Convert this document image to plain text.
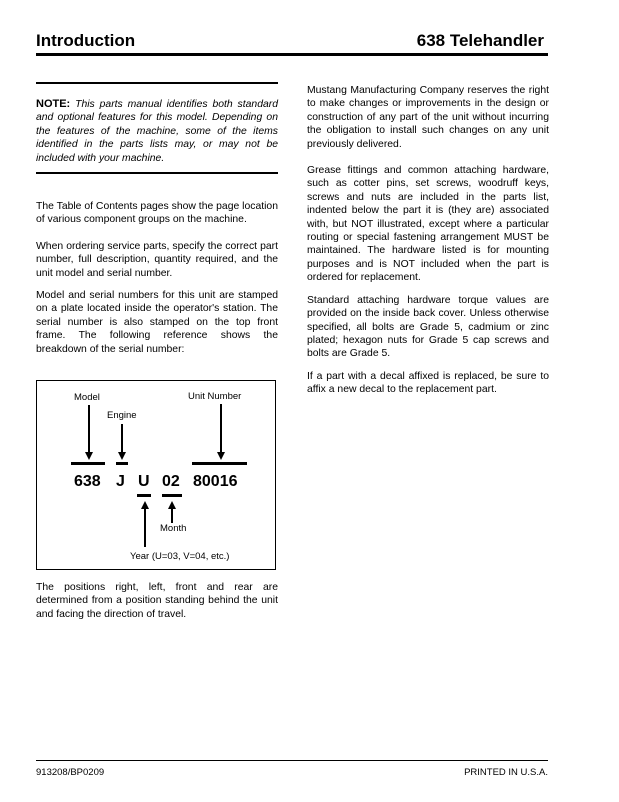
Introduction	638 Telehandler
NOTE: This parts manual identifies both standard and optional features for this model. Depending on the features of the machine, some of the items identified in the parts lists may, or may not be included with your machine.

The Table of Contents pages show the page location of various component groups on the machine.

When ordering service parts, specify the correct part number, full description, quantity required, and the unit model and serial number.

Model and serial numbers for this unit are stamped on a plate located inside the operator's station. The serial number is also stamped on the top front frame. The following reference shows the breakdown of the serial number:

Model
Engine
Unit Number
638 J U 02 80016
Month
Year (U=03, V=04, etc.)

The positions right, left, front and rear are determined from a position standing behind the unit and facing the direction of travel.

Mustang Manufacturing Company reserves the right to make changes or improvements in the design or construction of any part of the unit without incurring the obligation to install such changes on any unit previously delivered.

Grease fittings and common attaching hardware, such as cotter pins, set screws, woodruff keys, screws and nuts are included in the parts list, indented below the part it is (they are) associated with, but NOT illustrated, except where a particular routing or special fastening arrangement MUST be maintained. The hardware listed is for mounting purposes and is NOT included when the part is ordered for replacement.

Standard attaching hardware torque values are provided on the inside back cover. Unless otherwise specified, all bolts are Grade 5, cadmium or zinc plated; hexagon nuts for Grade 5 cap screws and bolts are Grade 5.

If a part with a decal affixed is replaced, be sure to affix a new decal to the replacement part.

913208/BP0209	PRINTED IN U.S.A.
